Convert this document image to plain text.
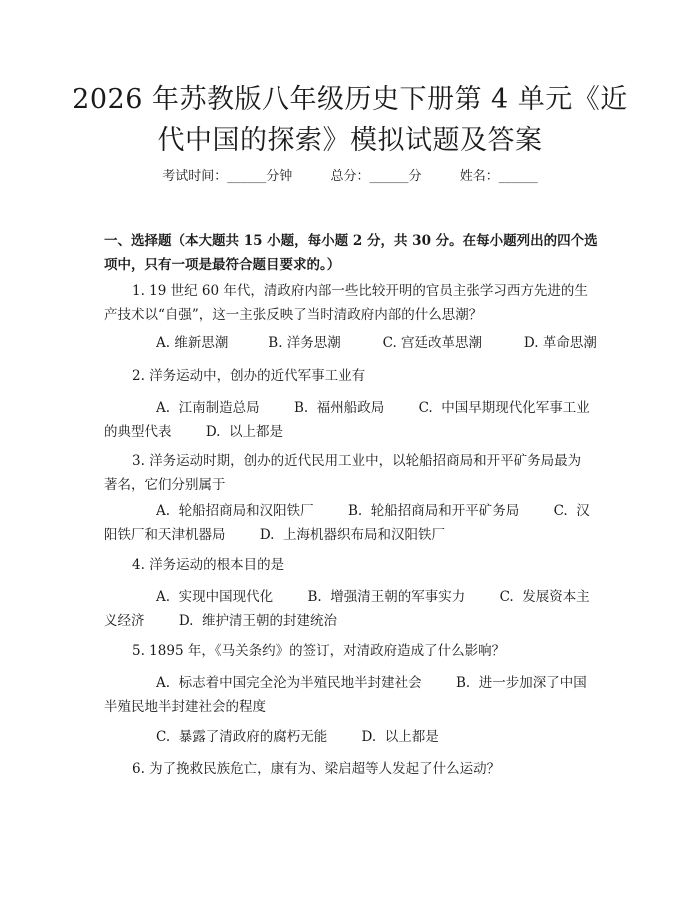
2026 年苏教版八年级历史下册第 4 单元《近
代中国的探索》模拟试题及答案
考试时间：______分钟	总分：______分	姓名：______
一、选择题（本大题共 15 小题，每小题 2 分，共 30 分。在每小题列出的四个选
项中，只有一项是最符合题目要求的。）

1. 19 世纪 60 年代，清政府内部一些比较开明的官员主张学习西方先进的生
产技术以“自强”，这一主张反映了当时清政府内部的什么思潮？

A. 维新思潮	B. 洋务思潮	C. 宫廷改革思潮	D. 革命思潮

2. 洋务运动中，创办的近代军事工业有

A.  江南制造总局        B.  福州船政局        C.  中国早期现代化军事工业
的典型代表        D.  以上都是

3. 洋务运动时期，创办的近代民用工业中，以轮船招商局和开平矿务局最为
著名，它们分别属于

A.  轮船招商局和汉阳铁厂        B.  轮船招商局和开平矿务局        C.  汉
阳铁厂和天津机器局        D.  上海机器织布局和汉阳铁厂

4. 洋务运动的根本目的是

A.  实现中国现代化        B.  增强清王朝的军事实力        C.  发展资本主
义经济        D.  维护清王朝的封建统治

5. 1895 年，《马关条约》的签订，对清政府造成了什么影响？

A.  标志着中国完全沦为半殖民地半封建社会        B.  进一步加深了中国
半殖民地半封建社会的程度
C.  暴露了清政府的腐朽无能        D.  以上都是

6. 为了挽救民族危亡，康有为、梁启超等人发起了什么运动？
